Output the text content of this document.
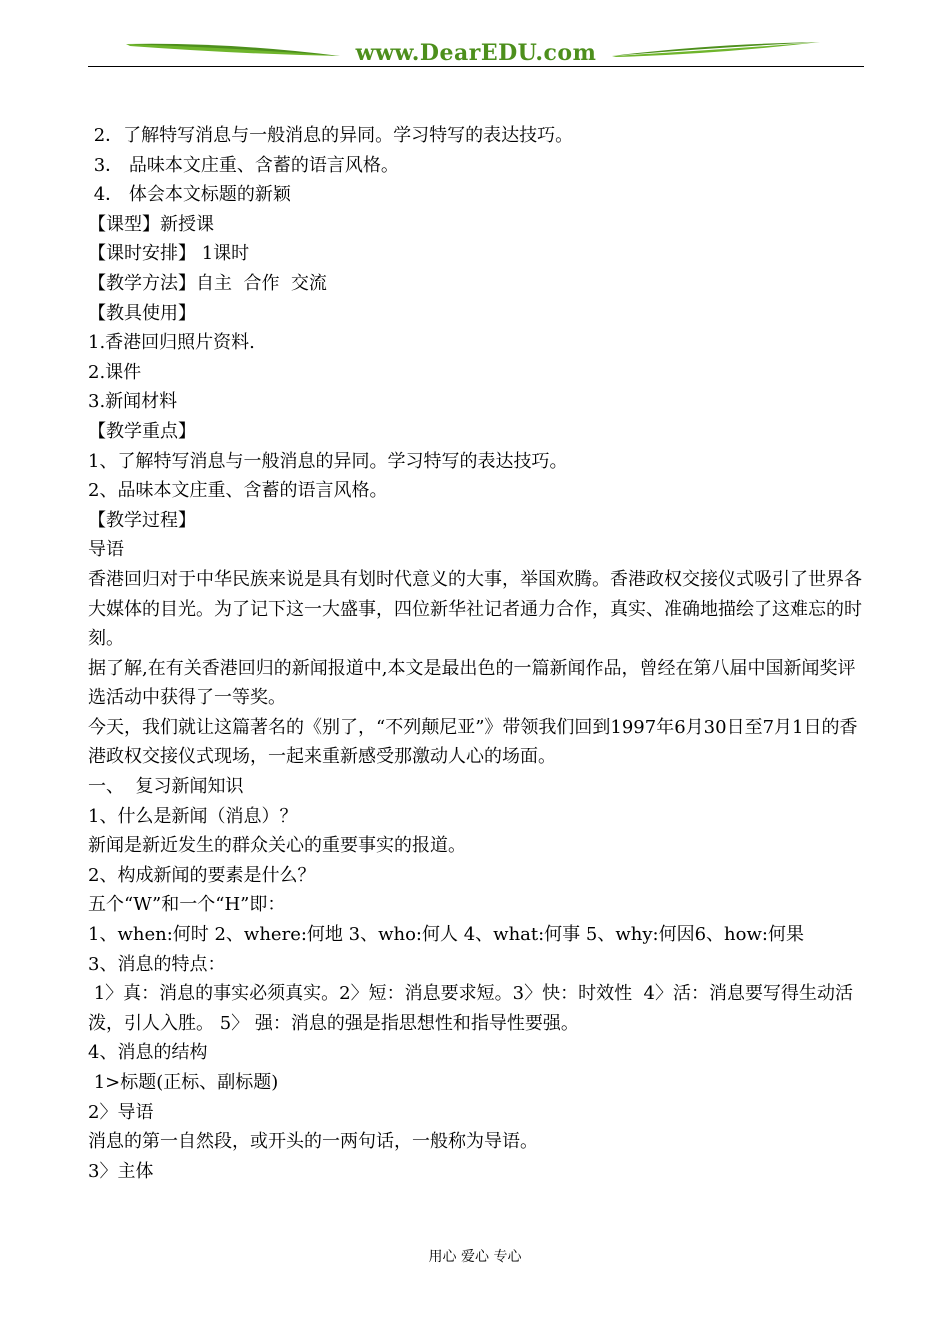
www.DearEDU.com

2．了解特写消息与一般消息的异同。学习特写的表达技巧。

3． 品味本文庄重、含蓄的语言风格。

4． 体会本文标题的新颖

【课型】新授课

【课时安排】 1课时

【教学方法】自主  合作  交流

【教具使用】

1.香港回归照片资料.

2.课件

3.新闻材料

【教学重点】

1、了解特写消息与一般消息的异同。学习特写的表达技巧。

2、品味本文庄重、含蓄的语言风格。

【教学过程】

导语

香港回归对于中华民族来说是具有划时代意义的大事，举国欢腾。香港政权交接仪式吸引了世界各大媒体的目光。为了记下这一大盛事，四位新华社记者通力合作，真实、准确地描绘了这难忘的时刻。

据了解,在有关香港回归的新闻报道中,本文是最出色的一篇新闻作品，曾经在第八届中国新闻奖评选活动中获得了一等奖。

今天，我们就让这篇著名的《别了，“不列颠尼亚”》带领我们回到1997年6月30日至7月1日的香港政权交接仪式现场，一起来重新感受那激动人心的场面。

一、  复习新闻知识

1、什么是新闻（消息）？

新闻是新近发生的群众关心的重要事实的报道。

2、构成新闻的要素是什么？

五个“W”和一个“H”即：

1、when:何时 2、where:何地 3、who:何人 4、what:何事 5、why:何因6、how:何果

3、消息的特点：

1〉真：消息的事实必须真实。2〉短：消息要求短。3〉快：时效性  4〉活：消息要写得生动活泼，引人入胜。 5〉 强：消息的强是指思想性和指导性要强。

4、消息的结构

1>标题(正标、副标题)

2〉导语

消息的第一自然段，或开头的一两句话，一般称为导语。

3〉主体

用心 爱心 专心
